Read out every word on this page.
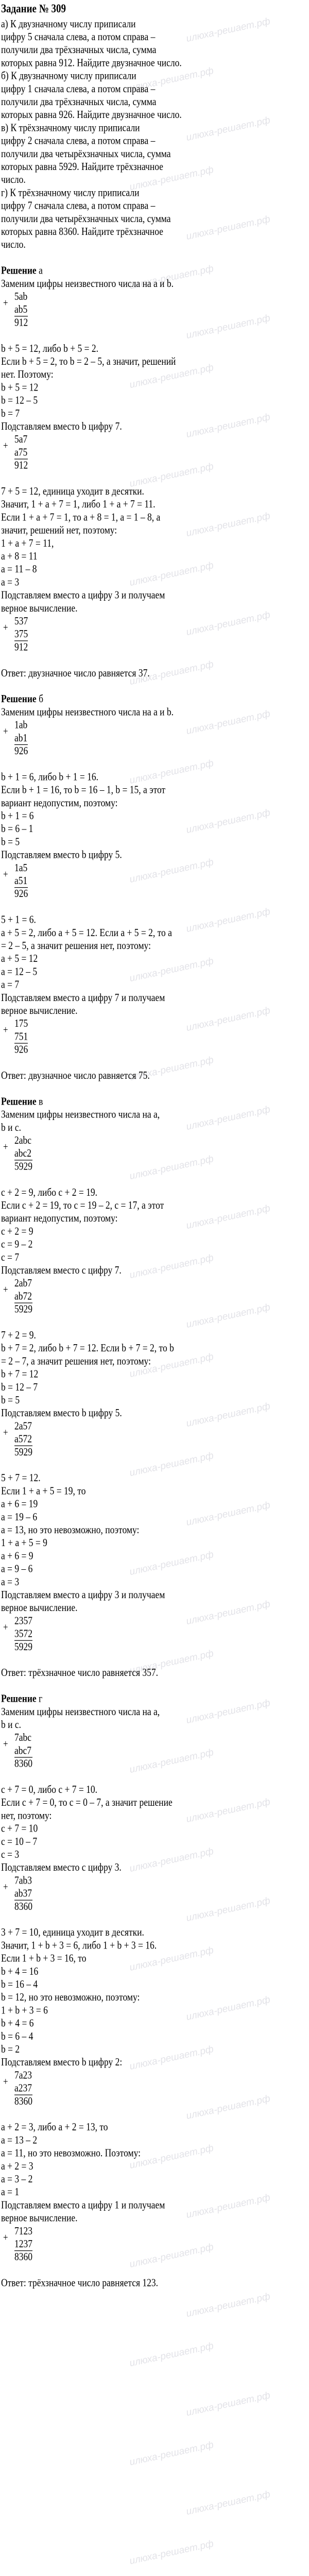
илюха-решает.рф
илюха-решает.рф
илюха-решает.рф
илюха-решает.рф
илюха-решает.рф
илюха-решает.рф
илюха-решает.рф
илюха-решает.рф
илюха-решает.рф
илюха-решает.рф
илюха-решает.рф
илюха-решает.рф
илюха-решает.рф
илюха-решает.рф
илюха-решает.рф
илюха-решает.рф
илюха-решает.рф
илюха-решает.рф
илюха-решает.рф
илюха-решает.рф
илюха-решает.рф
илюха-решает.рф
илюха-решает.рф
илюха-решает.рф
илюха-решает.рф
илюха-решает.рф
илюха-решает.рф
илюха-решает.рф
илюха-решает.рф
илюха-решает.рф
илюха-решает.рф
илюха-решает.рф
илюха-решает.рф
илюха-решает.рф
илюха-решает.рф
илюха-решает.рф
илюха-решает.рф
илюха-решает.рф
илюха-решает.рф
илюха-решает.рф
илюха-решает.рф
илюха-решает.рф
илюха-решает.рф
илюха-решает.рф
илюха-решает.рф
илюха-решает.рф
илюха-решает.рф
илюха-решает.рф
илюха-решает.рф
илюха-решает.рф
илюха-решает.рф
илюха-решает.рф
Задание № 309
а) К двузначному числу приписали
цифру 5 сначала слева, а потом справа –
получили два трёхзначных числа, сумма
которых равна 912. Найдите двузначное число.
б) К двузначному числу приписали
цифру 1 сначала слева, а потом справа –
получили два трёхзначных числа, сумма
которых равна 926. Найдите двузначное число.
в) К трёхзначному числу приписали
цифру 2 сначала слева, а потом справа –
получили два четырёхзначных числа, сумма
которых равна 5929. Найдите трёхзначное
число.
г) К трёхзначному числу приписали
цифру 7 сначала слева, а потом справа –
получили два четырёхзначных числа, сумма
которых равна 8360. Найдите трёхзначное
число.
Решение а
Заменим цифры неизвестного числа на a и b.
+
5ab
ab5
912
b + 5 = 12, либо b + 5 = 2.
Если b + 5 = 2, то b = 2 – 5, а значит, решений
нет. Поэтому:
b + 5 = 12
b = 12 – 5
b = 7
Подставляем вместо b цифру 7.
+
5a7
a75
912
7 + 5 = 12, единица уходит в десятки.
Значит, 1 + a + 7 = 1, либо 1 + a + 7 = 11.
Если 1 + a + 7 = 1, то a + 8 = 1, a = 1 – 8, а
значит, решений нет, поэтому:
1 + a + 7 = 11,
a + 8 = 11
a = 11 – 8
a = 3
Подставляем вместо a цифру 3 и получаем
верное вычисление.
+
537
375
912
Ответ: двузначное число равняется 37.
Решение б
Заменим цифры неизвестного числа на a и b.
+
1ab
ab1
926
b + 1 = 6, либо b + 1 = 16.
Если b + 1 = 16, то b = 16 – 1, b = 15, а этот
вариант недопустим, поэтому:
b + 1 = 6
b = 6 – 1
b = 5
Подставляем вместо b цифру 5.
+
1a5
a51
926
5 + 1 = 6.
a + 5 = 2, либо a + 5 = 12. Если a + 5 = 2, то a
= 2 – 5, а значит решения нет, поэтому:
a + 5 = 12
a = 12 – 5
a = 7
Подставляем вместо a цифру 7 и получаем
верное вычисление.
+
175
751
926
Ответ: двузначное число равняется 75.
Решение в
Заменим цифры неизвестного числа на a,
b и c.
+
2abc
abc2
5929
c + 2 = 9, либо c + 2 = 19.
Если c + 2 = 19, то c = 19 – 2, c = 17, а этот
вариант недопустим, поэтому:
c + 2 = 9
c = 9 – 2
c = 7
Подставляем вместо c цифру 7.
+
2ab7
ab72
5929
7 + 2 = 9.
b + 7 = 2, либо b + 7 = 12. Если b + 7 = 2, то b
= 2 – 7, а значит решения нет, поэтому:
b + 7 = 12
b = 12 – 7
b = 5
Подставляем вместо b цифру 5.
+
2a57
a572
5929
5 + 7 = 12.
Если 1 + a + 5 = 19, то
a + 6 = 19
a = 19 – 6
a = 13, но это невозможно, поэтому:
1 + a + 5 = 9
a + 6 = 9
a = 9 – 6
a = 3
Подставляем вместо a цифру 3 и получаем
верное вычисление.
+
2357
3572
5929
Ответ: трёхзначное число равняется 357.
Решение г
Заменим цифры неизвестного числа на a,
b и c.
+
7abc
abc7
8360
c + 7 = 0, либо c + 7 = 10.
Если c + 7 = 0, то c = 0 – 7, а значит решение
нет, поэтому:
c + 7 = 10
c = 10 – 7
c = 3
Подставляем вместо c цифру 3.
+
7ab3
ab37
8360
3 + 7 = 10, единица уходит в десятки.
Значит, 1 + b + 3 = 6, либо 1 + b + 3 = 16.
Если 1 + b + 3 = 16, то
b + 4 = 16
b = 16 – 4
b = 12, но это невозможно, поэтому:
1 + b + 3 = 6
b + 4 = 6
b = 6 – 4
b = 2
Подставляем вместо b цифру 2:
+
7a23
a237
8360
a + 2 = 3, либо a + 2 = 13, то
a = 13 – 2
a = 11, но это невозможно. Поэтому:
a + 2 = 3
a = 3 – 2
a = 1
Подставляем вместо a цифру 1 и получаем
верное вычисление.
+
7123
1237
8360
Ответ: трёхзначное число равняется 123.
